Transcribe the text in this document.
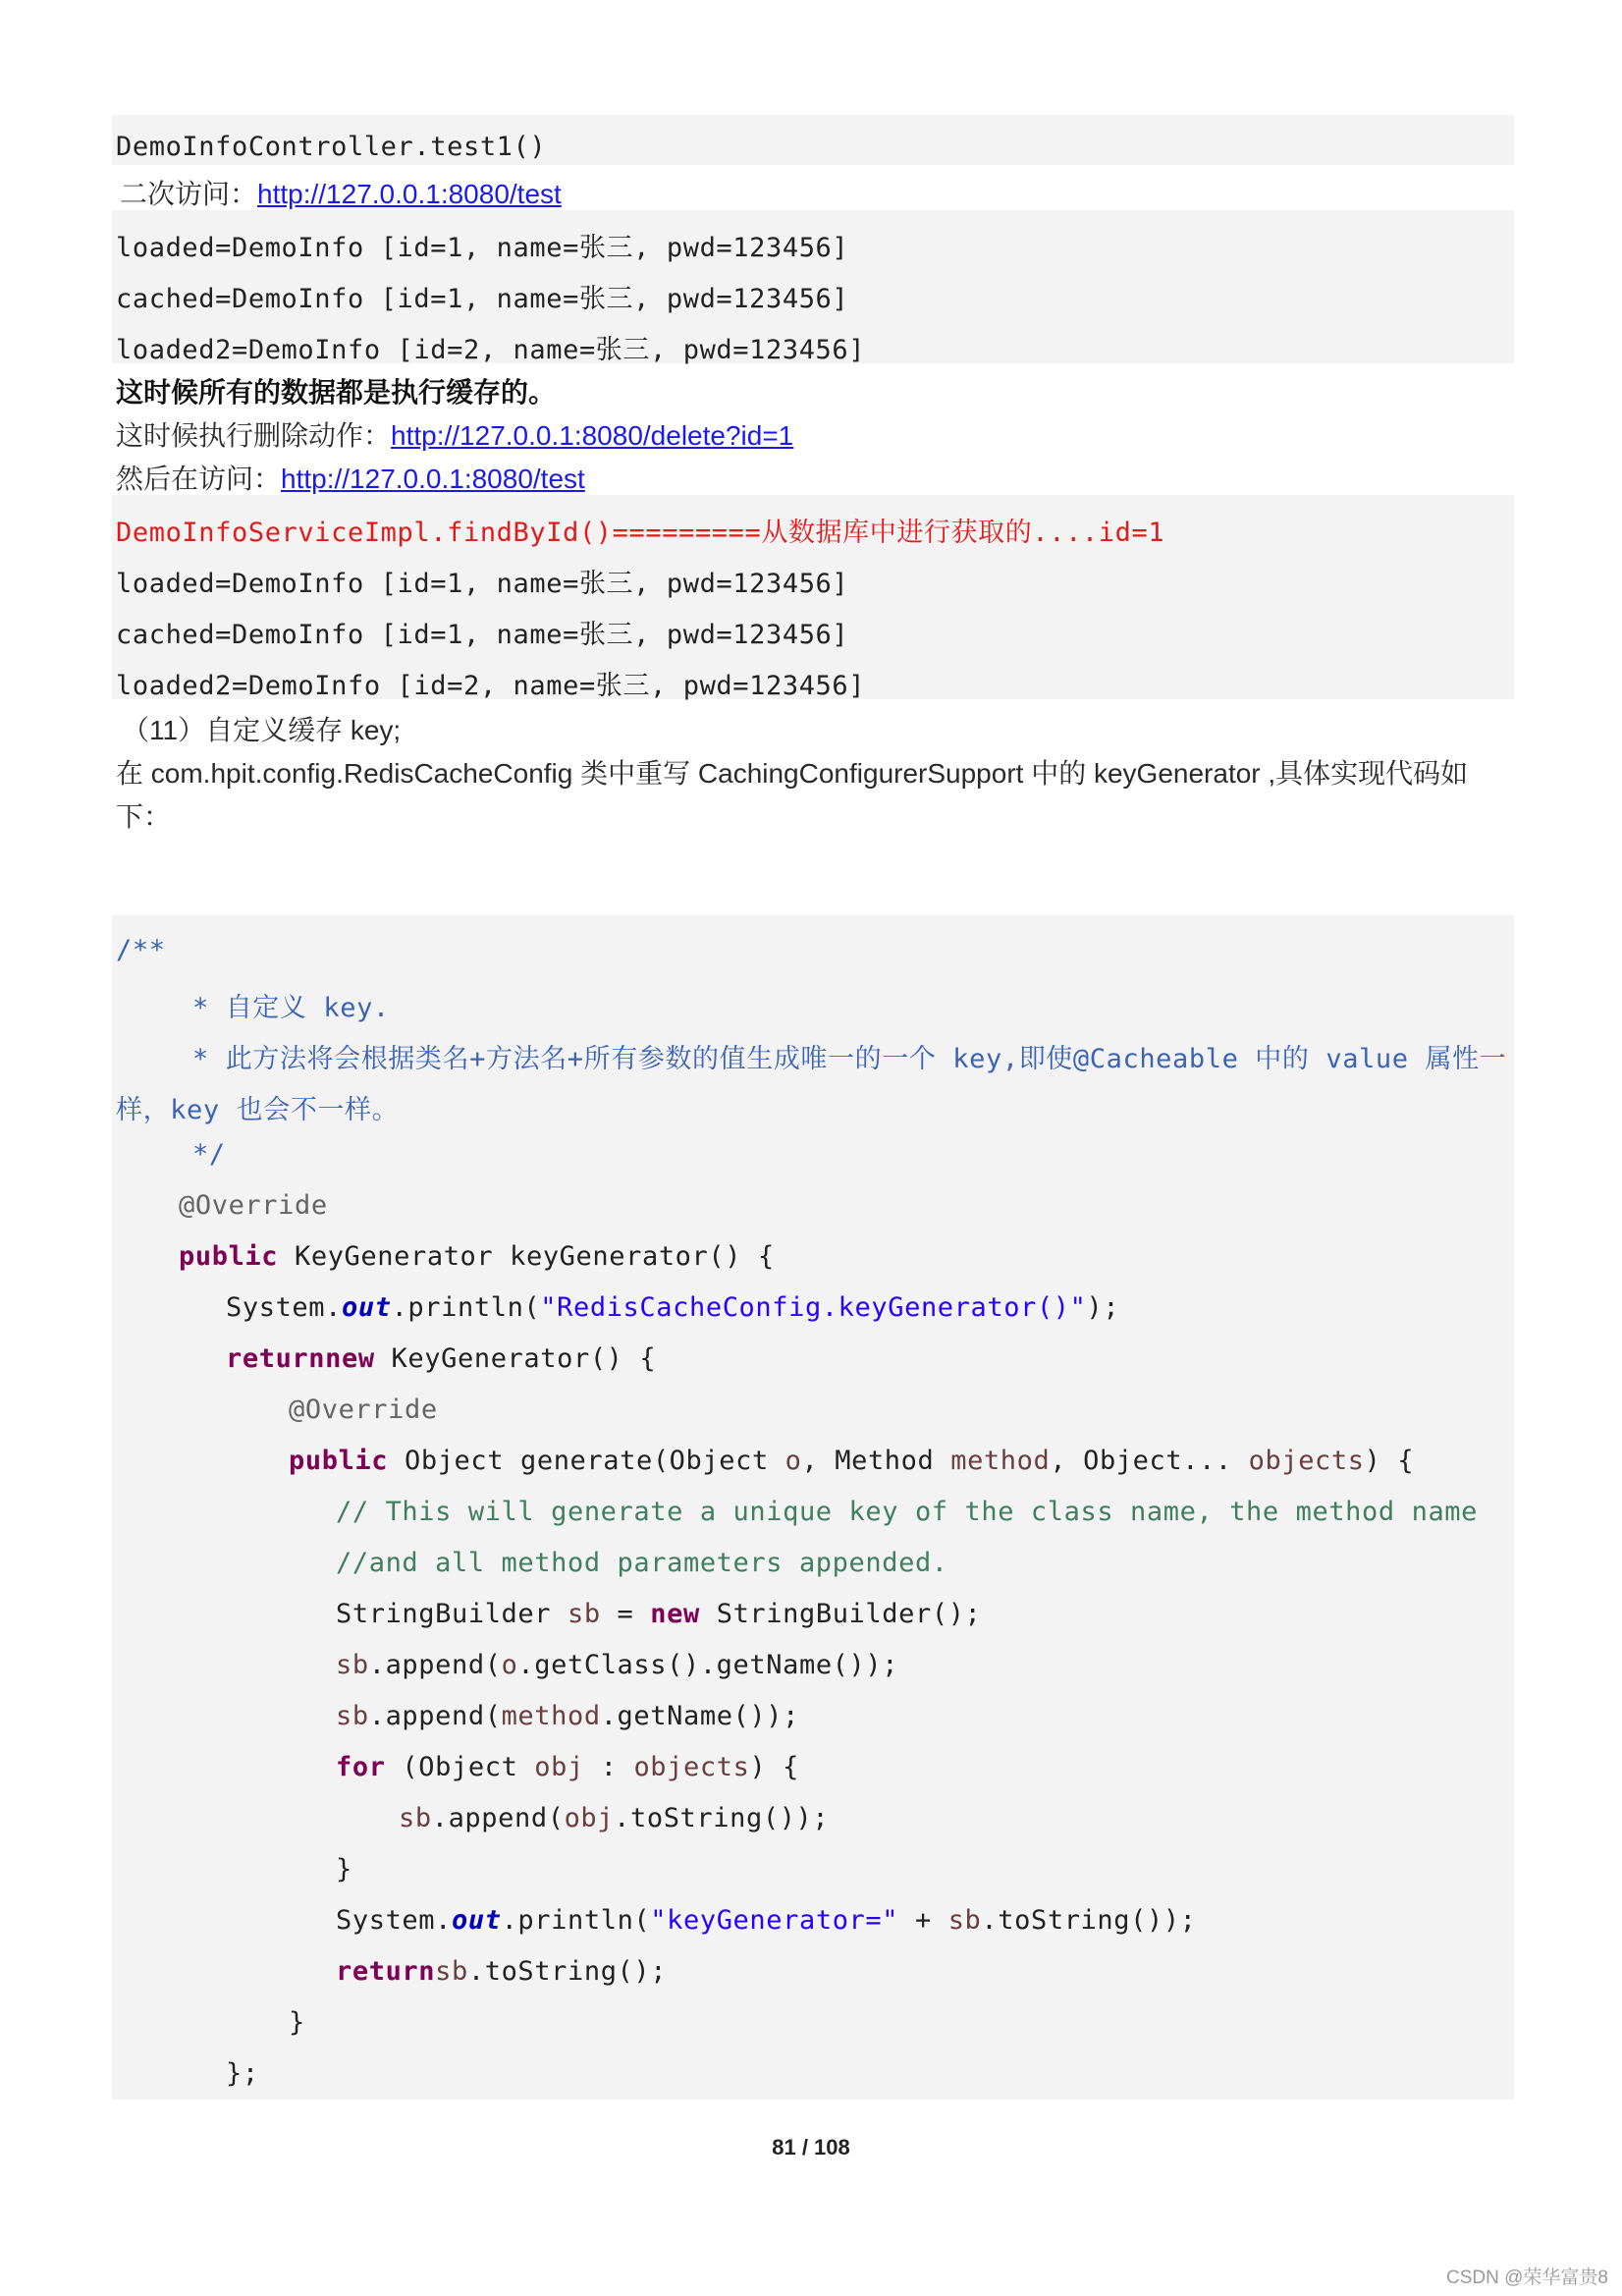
DemoInfoController.test1()
二次访问：http://127.0.0.1:8080/test
loaded=DemoInfo [id=1, name=张三, pwd=123456]
cached=DemoInfo [id=1, name=张三, pwd=123456]
loaded2=DemoInfo [id=2, name=张三, pwd=123456]
这时候所有的数据都是执行缓存的。
这时候执行删除动作：http://127.0.0.1:8080/delete?id=1
然后在访问：http://127.0.0.1:8080/test
DemoInfoServiceImpl.findById()=========从数据库中进行获取的....id=1
loaded=DemoInfo [id=1, name=张三, pwd=123456]
cached=DemoInfo [id=1, name=张三, pwd=123456]
loaded2=DemoInfo [id=2, name=张三, pwd=123456]
（11）自定义缓存 key;
在 com.hpit.config.RedisCacheConfig 类中重写 CachingConfigurerSupport 中的 keyGenerator ,具体实现代码如
下：
/**
* 自定义 key.
* 此方法将会根据类名+方法名+所有参数的值生成唯一的一个 key,即使@Cacheable 中的 value 属性一
样，key 也会不一样。
*/
@Override
public KeyGenerator keyGenerator() {
System.out.println("RedisCacheConfig.keyGenerator()");
returnnew KeyGenerator() {
@Override
public Object generate(Object o, Method method, Object... objects) {
// This will generate a unique key of the class name, the method name
//and all method parameters appended.
StringBuilder sb = new StringBuilder();
sb.append(o.getClass().getName());
sb.append(method.getName());
for (Object obj : objects) {
sb.append(obj.toString());
}
System.out.println("keyGenerator=" + sb.toString());
returnsb.toString();
}
};
81 / 108
CSDN @荣华富贵8
